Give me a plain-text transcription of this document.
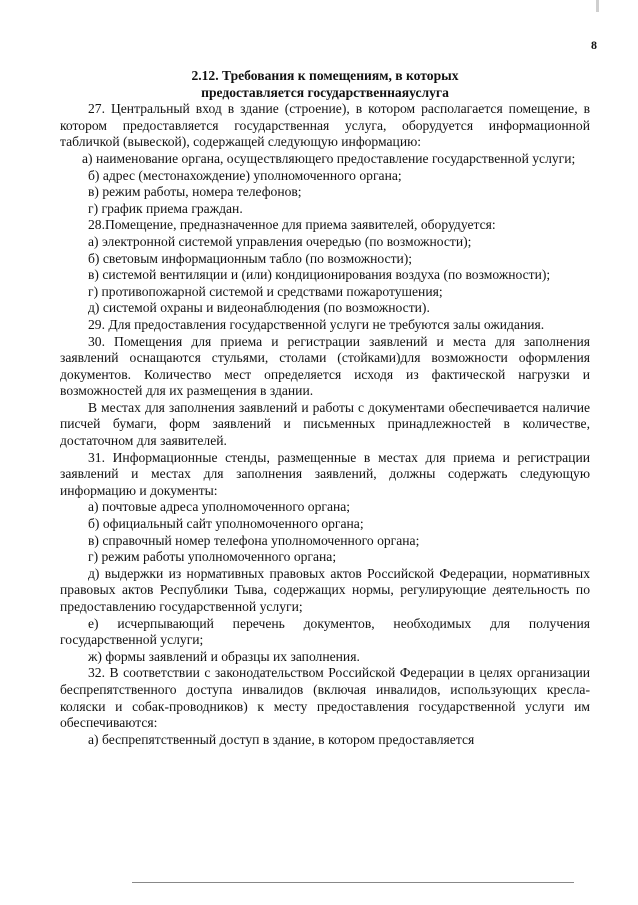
8

2.12. Требования к помещениям, в которых

предоставляется государственнаяуслуга

27. Центральный вход в здание (строение), в котором располагается помещение, в котором предоставляется государственная услуга, оборудуется информационной табличкой (вывеской), содержащей следующую информацию:

а) наименование органа, осуществляющего предоставление государственной услуги;

б) адрес (местонахождение) уполномоченного органа;

в) режим работы, номера телефонов;

г) график приема граждан.

28.Помещение, предназначенное для приема заявителей, оборудуется:

а) электронной системой управления очередью (по возможности);

б) световым информационным табло (по возможности);

в) системой вентиляции и (или) кондиционирования воздуха (по возможности);

г) противопожарной системой и средствами пожаротушения;

д) системой охраны и видеонаблюдения (по возможности).

29. Для предоставления государственной услуги не требуются залы ожидания.

30. Помещения для приема и регистрации заявлений и места для заполнения заявлений оснащаются стульями, столами (стойками)для возможности оформления документов. Количество мест определяется исходя из фактической нагрузки и возможностей для их размещения в здании.

В местах для заполнения заявлений и работы с документами обеспечивается наличие писчей бумаги, форм заявлений и письменных принадлежностей в количестве, достаточном для заявителей.

31. Информационные стенды, размещенные в местах для приема и регистрации заявлений и местах для заполнения заявлений, должны содержать следующую информацию и документы:

а) почтовые адреса уполномоченного органа;

б) официальный сайт уполномоченного органа;

в) справочный номер телефона уполномоченного органа;

г) режим работы уполномоченного органа;

д) выдержки из нормативных правовых актов Российской Федерации, нормативных правовых актов Республики Тыва, содержащих нормы, регулирующие деятельность по предоставлению государственной услуги;

е) исчерпывающий перечень документов, необходимых для получения государственной услуги;

ж) формы заявлений и образцы их заполнения.

32. В соответствии с законодательством Российской Федерации в целях организации беспрепятственного доступа инвалидов (включая инвалидов, использующих кресла-коляски и собак-проводников) к месту предоставления государственной услуги им обеспечиваются:

а) беспрепятственный доступ в здание, в котором предоставляется
